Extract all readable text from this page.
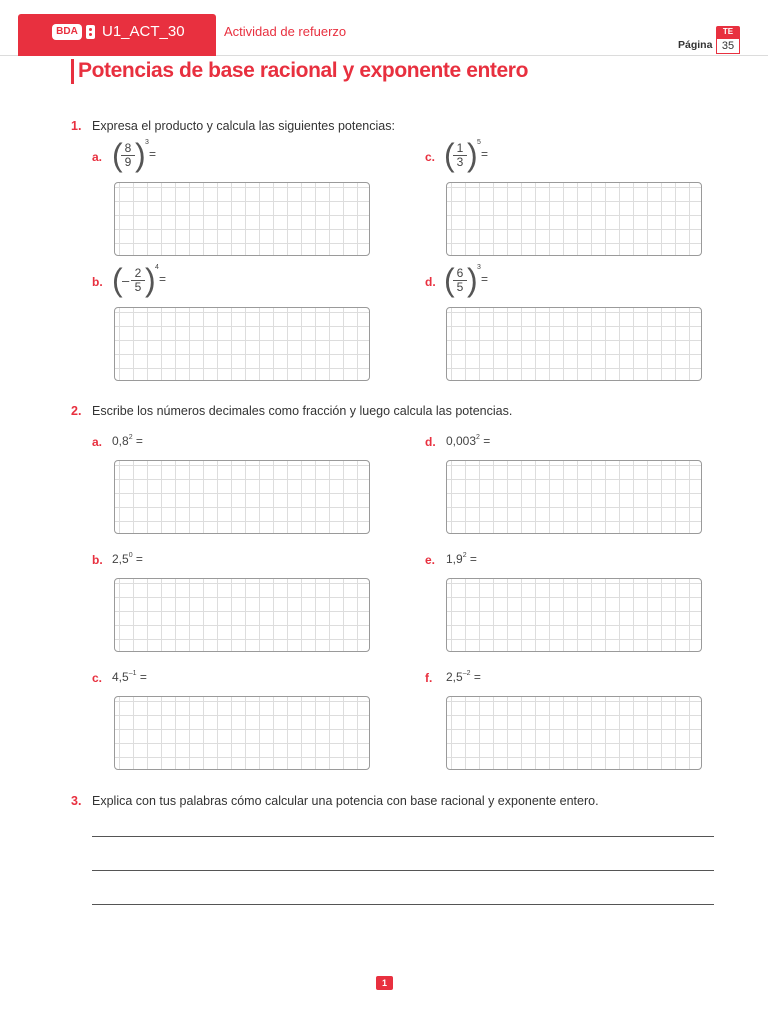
BDA U1_ACT_30	Actividad de refuerzo
Página
TE
35
Potencias de base racional y exponente entero
1. Expresa el producto y calcula las siguientes potencias:
a. (
$\frac{8}{9}$ ) 3
=	c. (
$\frac{1}{3}$ ) 5
=
b. ( – $\frac{2}{5}$ ) 4
=	d. (
$\frac{6}{5}$ ) 3
=
2. Escribe los números decimales como fracción y luego calcula las potencias.
a. $0,8^2$ =	d. $0,003^2$ =
b. $2,5^0$ =	e. $1,9^2$ =
c. $4,5^{-1}$ =	f. $2,5^{-2}$ =
3. Explica con tus palabras cómo calcular una potencia con base racional y exponente entero.
1
